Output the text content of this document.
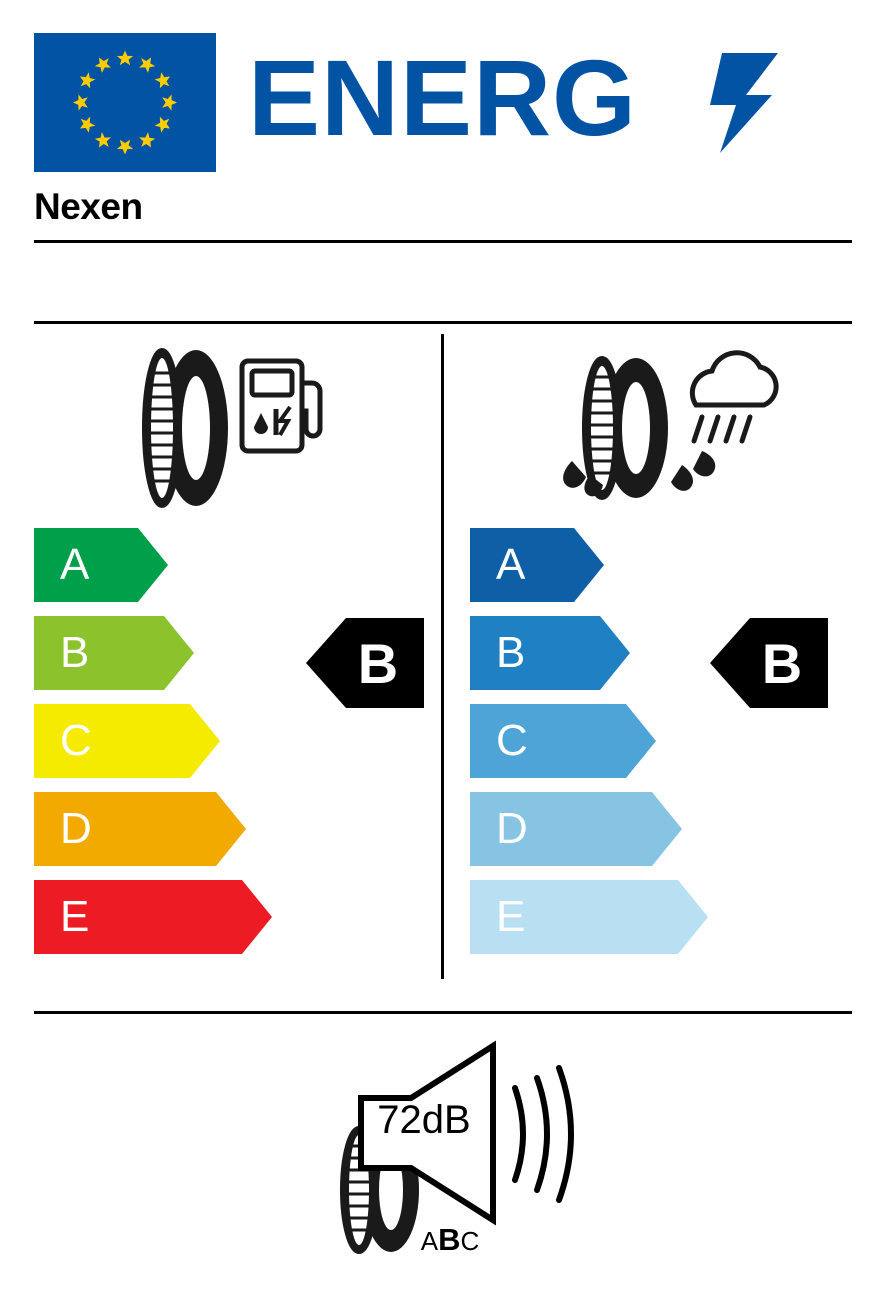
ENERG
Nexen
A
B
C
D
E
A
B
C
D
E
B	B
72dB
ABC
